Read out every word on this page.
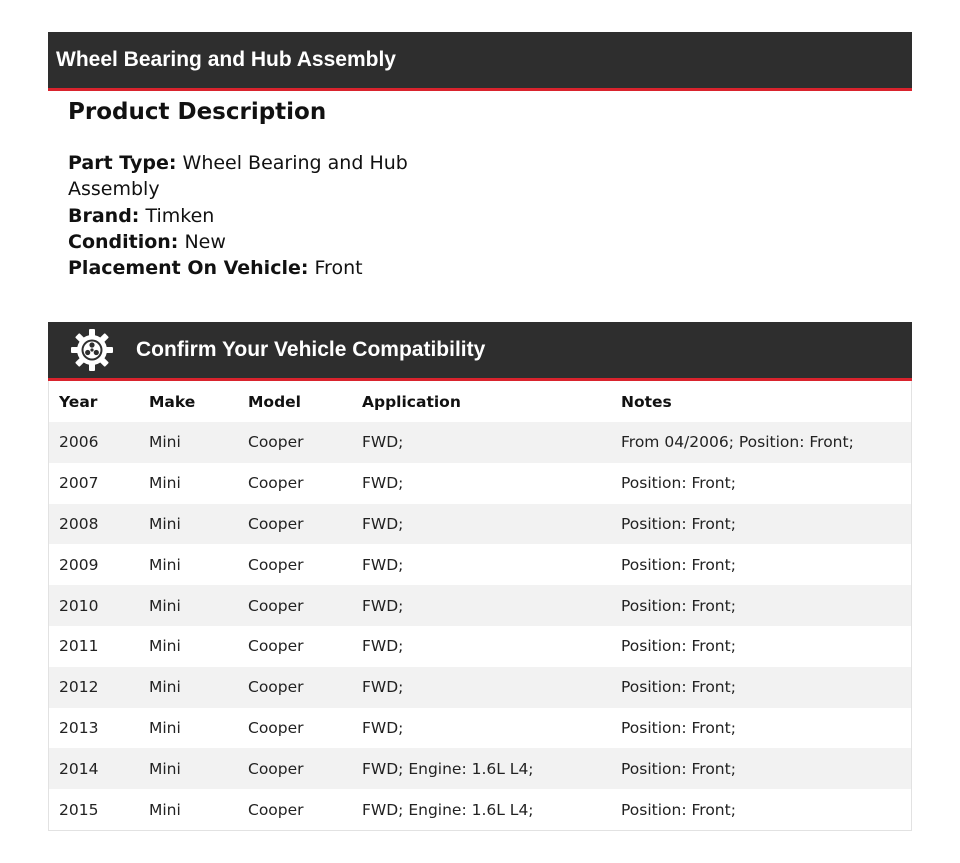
Wheel Bearing and Hub Assembly
Product Description
Part Type: Wheel Bearing and Hub Assembly
Brand: Timken
Condition: New
Placement On Vehicle: Front
Confirm Your Vehicle Compatibility
Year	Make	Model	Application	Notes
2006	Mini	Cooper	FWD;	From 04/2006; Position: Front;
2007	Mini	Cooper	FWD;	Position: Front;
2008	Mini	Cooper	FWD;	Position: Front;
2009	Mini	Cooper	FWD;	Position: Front;
2010	Mini	Cooper	FWD;	Position: Front;
2011	Mini	Cooper	FWD;	Position: Front;
2012	Mini	Cooper	FWD;	Position: Front;
2013	Mini	Cooper	FWD;	Position: Front;
2014	Mini	Cooper	FWD; Engine: 1.6L L4;	Position: Front;
2015	Mini	Cooper	FWD; Engine: 1.6L L4;	Position: Front;
